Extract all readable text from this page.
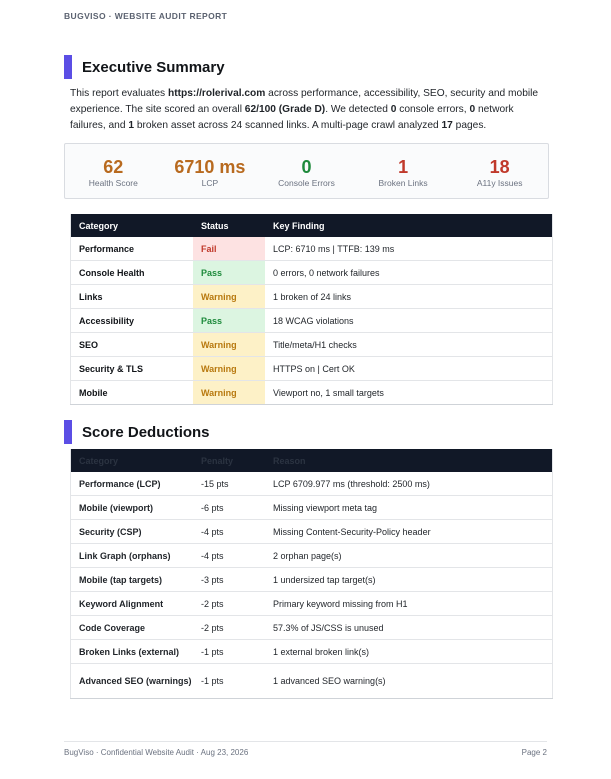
BUGVISO · WEBSITE AUDIT REPORT
Executive Summary
This report evaluates https://rolerival.com across performance, accessibility, SEO, security and mobile experience. The site scored an overall 62/100 (Grade D). We detected 0 console errors, 0 network failures, and 1 broken asset across 24 scanned links. A multi-page crawl analyzed 17 pages.
62
Health Score
6710 ms
LCP
0
Console Errors
1
Broken Links
18
A11y Issues
Category	Status	Key Finding
Performance	Fail	LCP: 6710 ms | TTFB: 139 ms
Console Health	Pass	0 errors, 0 network failures
Links	Warning	1 broken of 24 links
Accessibility	Pass	18 WCAG violations
SEO	Warning	Title/meta/H1 checks
Security & TLS	Warning	HTTPS on | Cert OK
Mobile	Warning	Viewport no, 1 small targets
Score Deductions
Category	Penalty	Reason
Performance (LCP)	-15 pts	LCP 6709.977 ms (threshold: 2500 ms)
Mobile (viewport)	-6 pts	Missing viewport meta tag
Security (CSP)	-4 pts	Missing Content-Security-Policy header
Link Graph (orphans)	-4 pts	2 orphan page(s)
Mobile (tap targets)	-3 pts	1 undersized tap target(s)
Keyword Alignment	-2 pts	Primary keyword missing from H1
Code Coverage	-2 pts	57.3% of JS/CSS is unused
Broken Links (external)	-1 pts	1 external broken link(s)
Advanced SEO (warnings)	-1 pts	1 advanced SEO warning(s)
BugViso · Confidential Website Audit · Aug 23, 2026	Page 2
